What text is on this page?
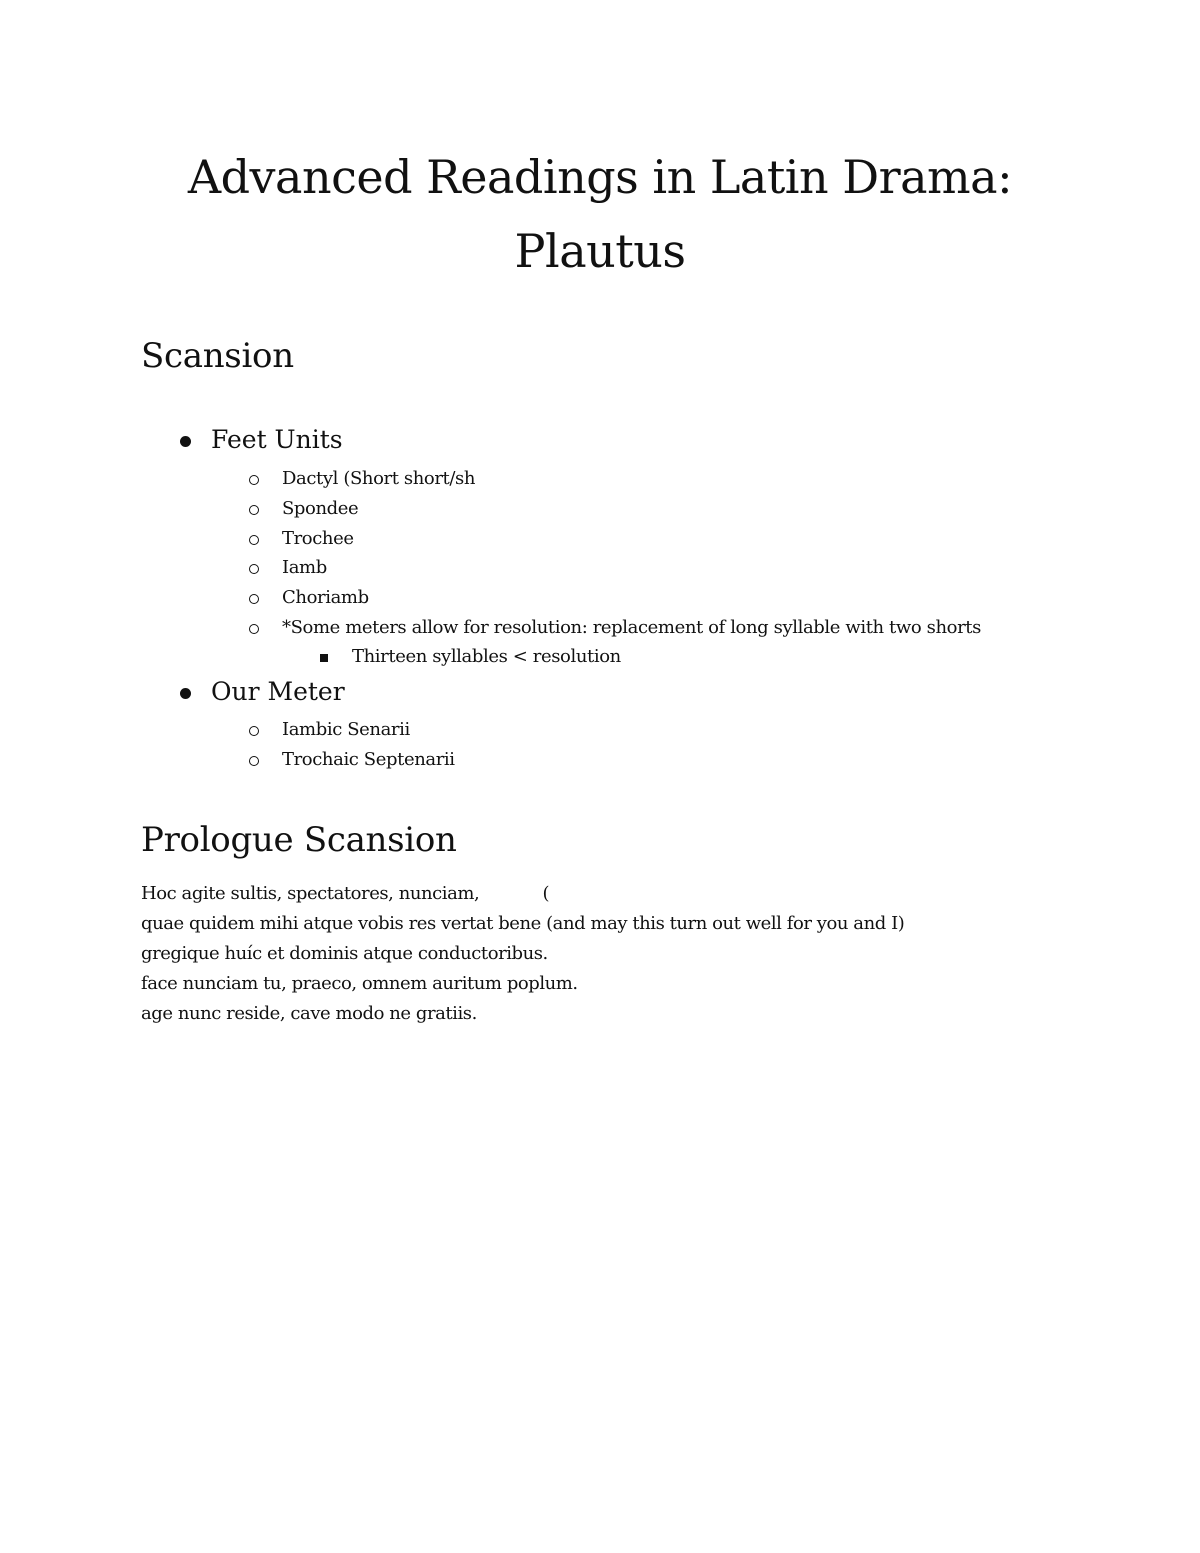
Advanced Readings in Latin Drama:
Plautus
Scansion
Feet Units
Dactyl (Short short/sh
Spondee
Trochee
Iamb
Choriamb
*Some meters allow for resolution: replacement of long syllable with two shorts
Thirteen syllables < resolution
Our Meter
Iambic Senarii
Trochaic Septenarii
Prologue Scansion
Hoc agite sultis, spectatores, nunciam,            (
quae quidem mihi atque vobis res vertat bene (and may this turn out well for you and I)
gregique huíc et dominis atque conductoribus.
face nunciam tu, praeco, omnem auritum poplum.
age nunc reside, cave modo ne gratiis.
